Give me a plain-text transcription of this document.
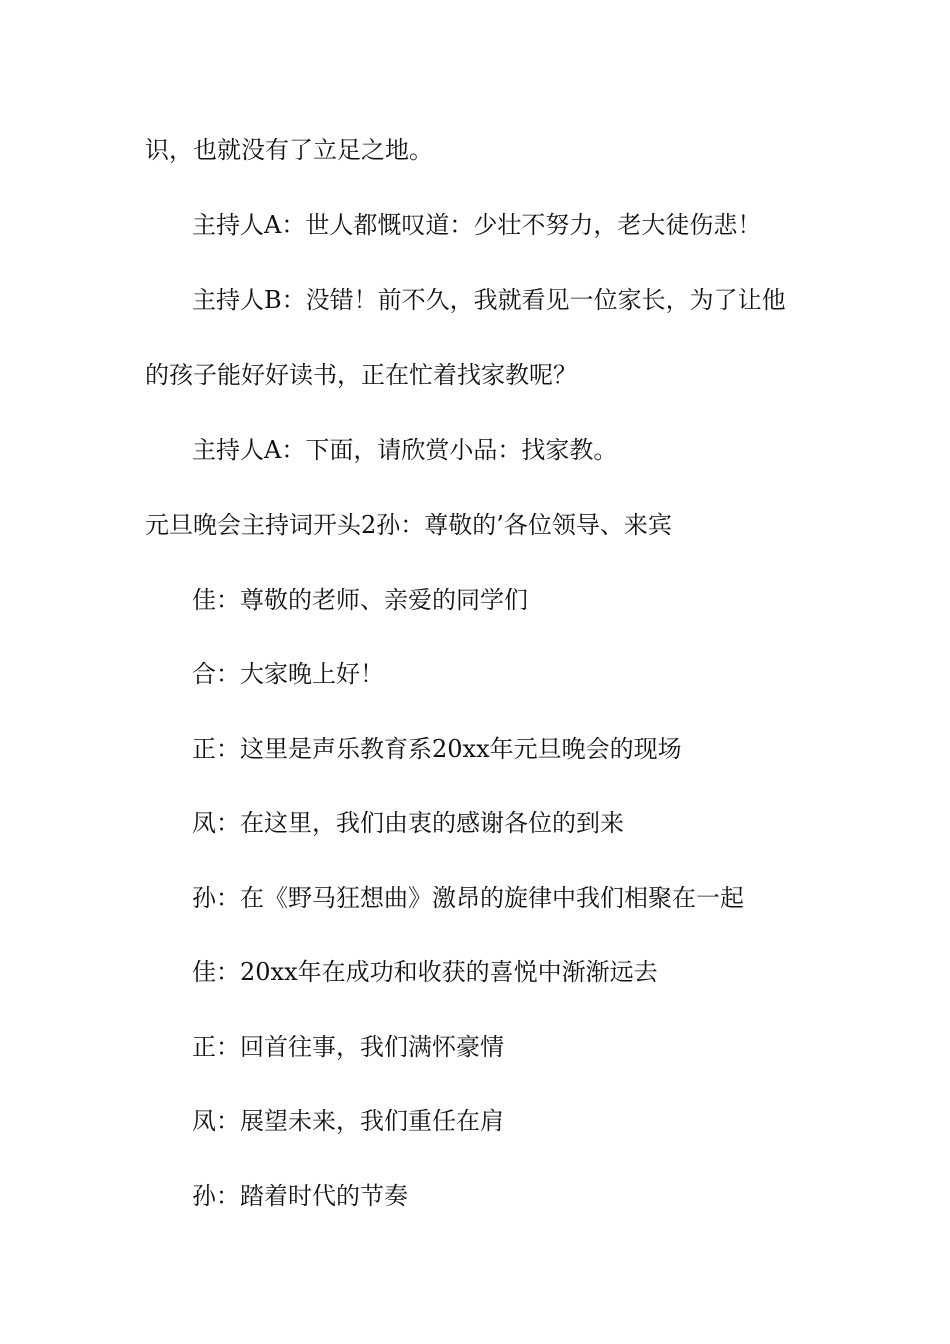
识，也就没有了立足之地。
主持人A：世人都慨叹道：少壮不努力，老大徒伤悲！
主持人B：没错！前不久，我就看见一位家长，为了让他
的孩子能好好读书，正在忙着找家教呢？
主持人A：下面，请欣赏小品：找家教。
元旦晚会主持词开头2孙：尊敬的’各位领导、来宾
佳：尊敬的老师、亲爱的同学们
合：大家晚上好！
正：这里是声乐教育系20xx年元旦晚会的现场
凤：在这里，我们由衷的感谢各位的到来
孙：在《野马狂想曲》激昂的旋律中我们相聚在一起
佳：20xx年在成功和收获的喜悦中渐渐远去
正：回首往事，我们满怀豪情
凤：展望未来，我们重任在肩
孙：踏着时代的节奏
